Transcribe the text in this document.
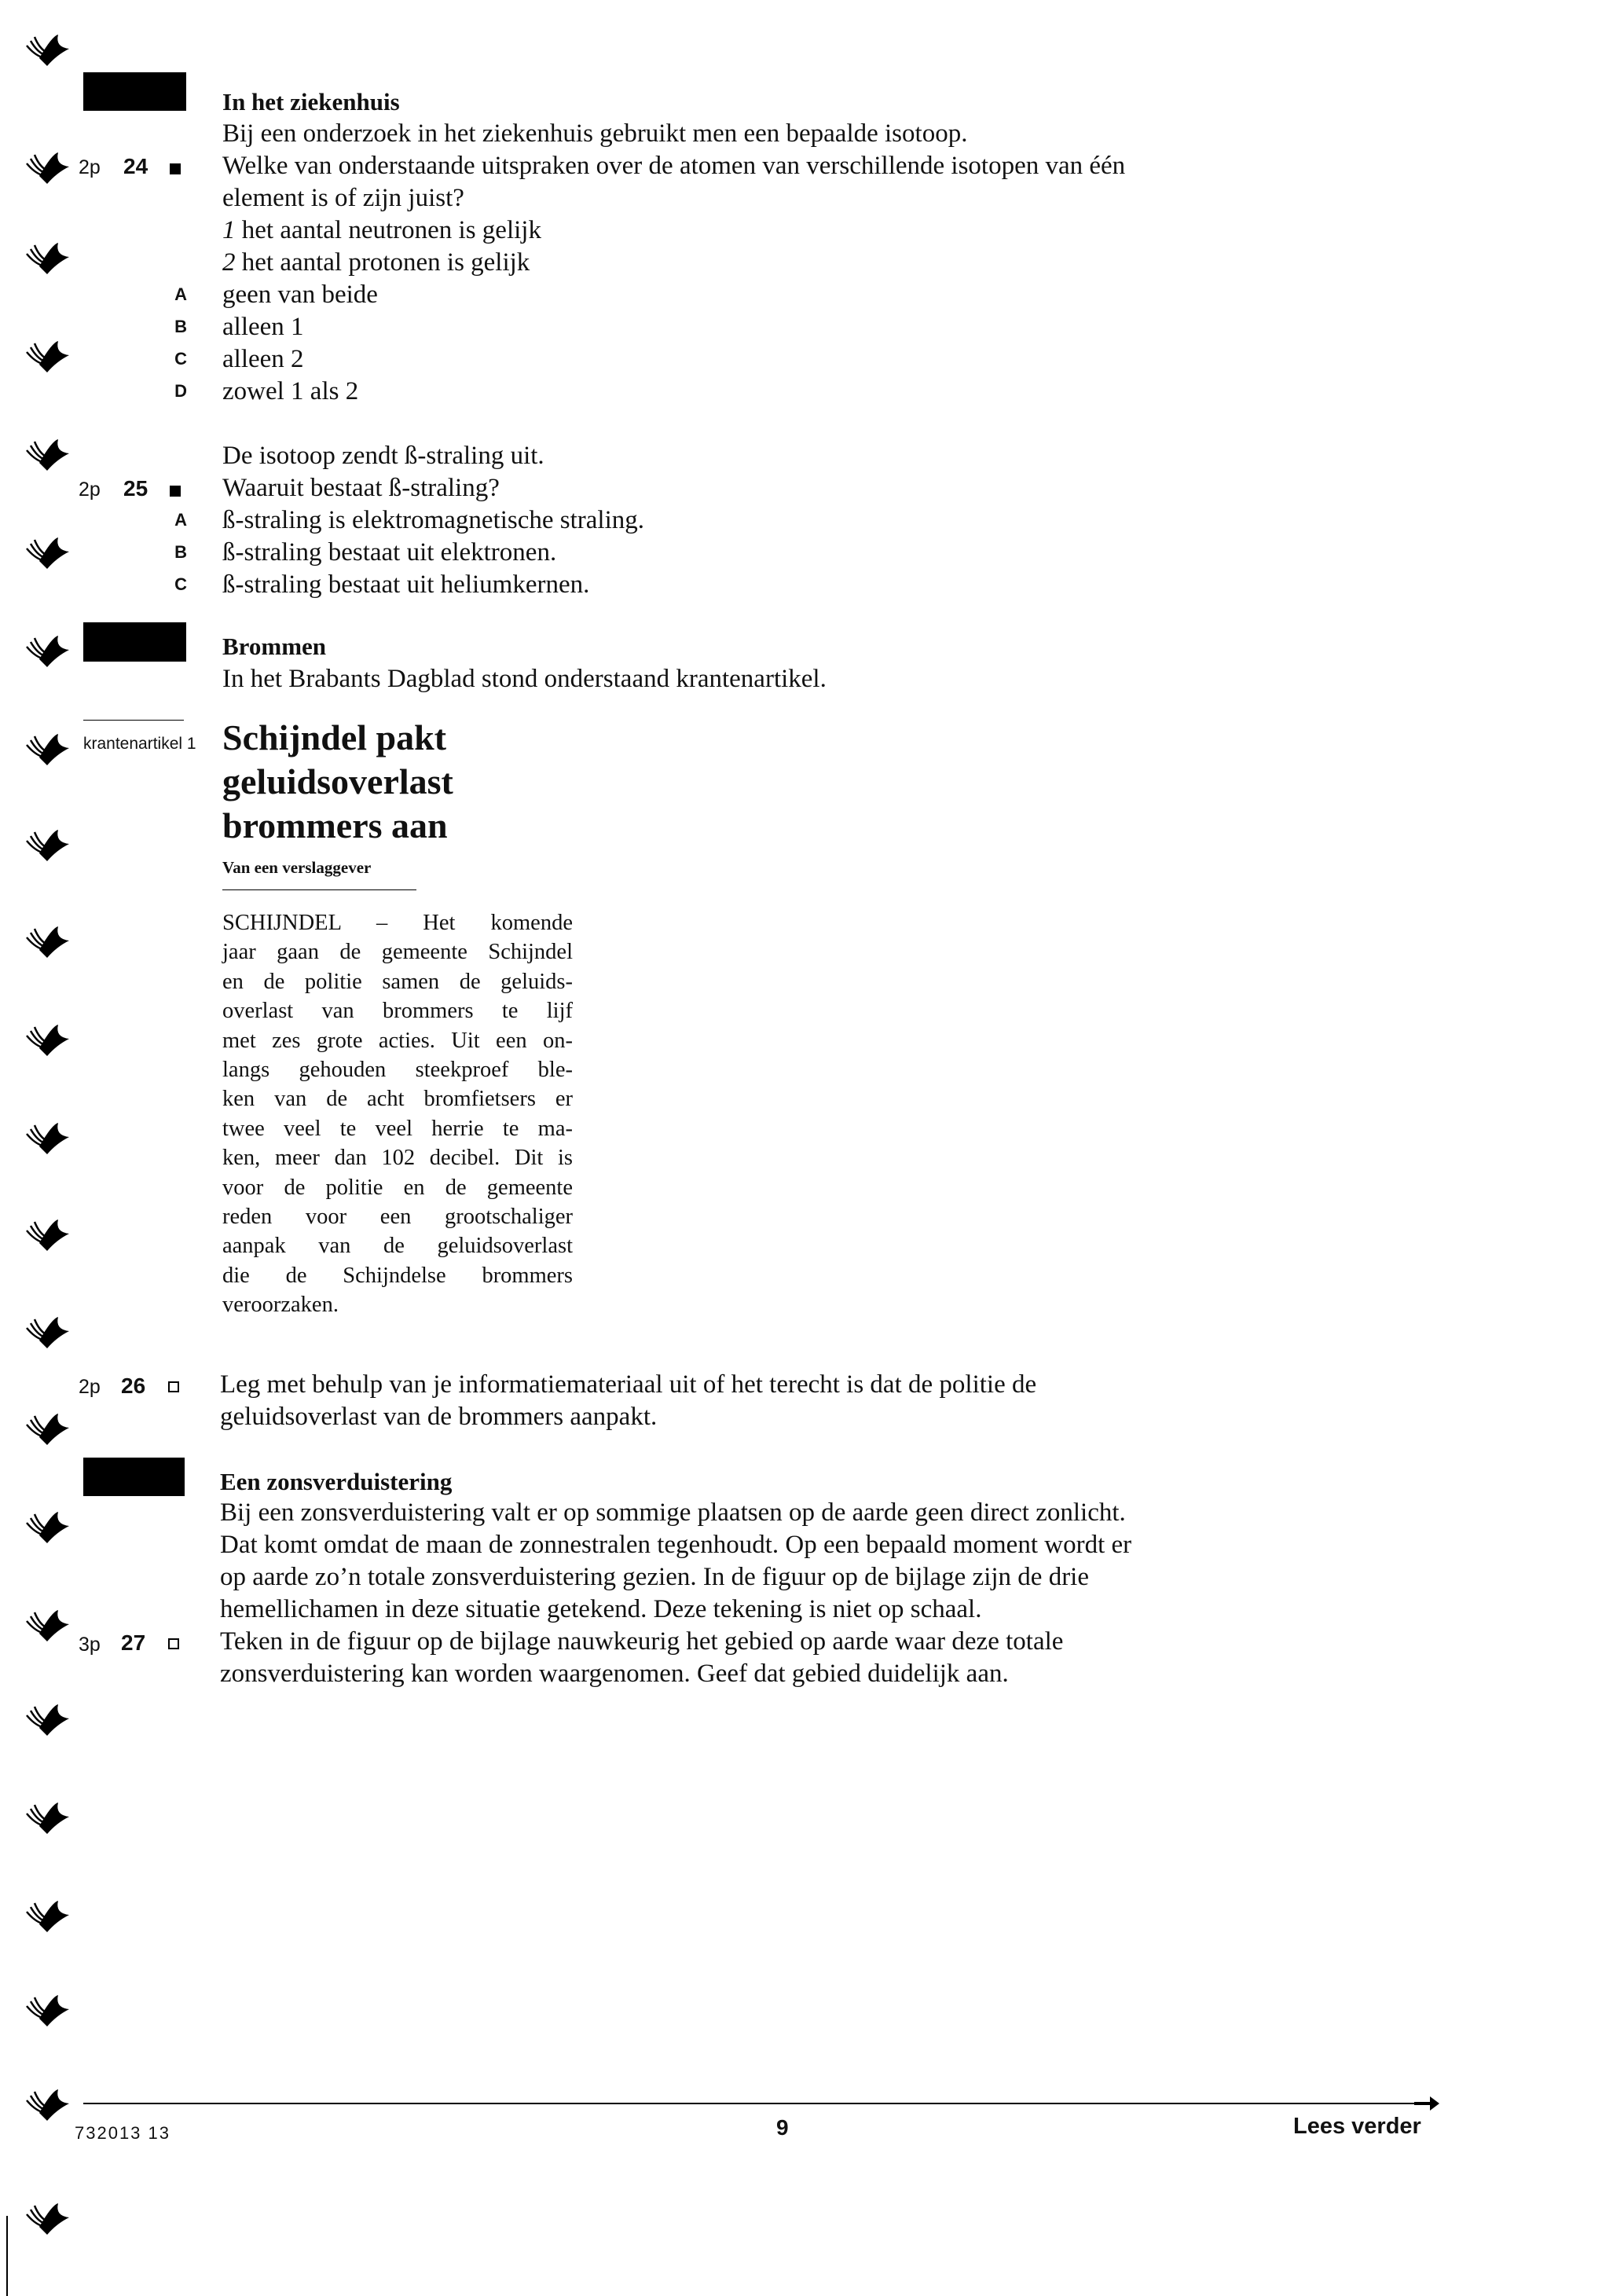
In het ziekenhuis
Bij een onderzoek in het ziekenhuis gebruikt men een bepaalde isotoop.
2p 24	Welke van onderstaande uitspraken over de atomen van verschillende isotopen van één
element is of zijn juist?
1 het aantal neutronen is gelijk
2 het aantal protonen is gelijk
A geen van beide
B alleen 1
C alleen 2
D zowel 1 als 2
De isotoop zendt ß-straling uit.
2p 25	Waaruit bestaat ß-straling?
A ß-straling is elektromagnetische straling.
B ß-straling bestaat uit elektronen.
C ß-straling bestaat uit heliumkernen.
Brommen
In het Brabants Dagblad stond onderstaand krantenartikel.
krantenartikel 1 Schijndel pakt
geluidsoverlast
brommers aan
Van een verslaggever
SCHIJNDEL – Het komende
jaar gaan de gemeente Schijndel
en de politie samen de geluids-
overlast van brommers te lijf
met zes grote acties. Uit een on-
langs gehouden steekproef ble-
ken van de acht bromfietsers er
twee veel te veel herrie te ma-
ken, meer dan 102 decibel. Dit is
voor de politie en de gemeente
reden voor een grootschaliger
aanpak van de geluidsoverlast
die de Schijndelse brommers
veroorzaken.
2p 26	Leg met behulp van je informatiemateriaal uit of het terecht is dat de politie de
geluidsoverlast van de brommers aanpakt.
Een zonsverduistering
Bij een zonsverduistering valt er op sommige plaatsen op de aarde geen direct zonlicht.
Dat komt omdat de maan de zonnestralen tegenhoudt. Op een bepaald moment wordt er
op aarde zo’n totale zonsverduistering gezien. In de figuur op de bijlage zijn de drie
hemellichamen in deze situatie getekend. Deze tekening is niet op schaal.
3p 27	Teken in de figuur op de bijlage nauwkeurig het gebied op aarde waar deze totale
zonsverduistering kan worden waargenomen. Geef dat gebied duidelijk aan.
732013 13	9	Lees verder
